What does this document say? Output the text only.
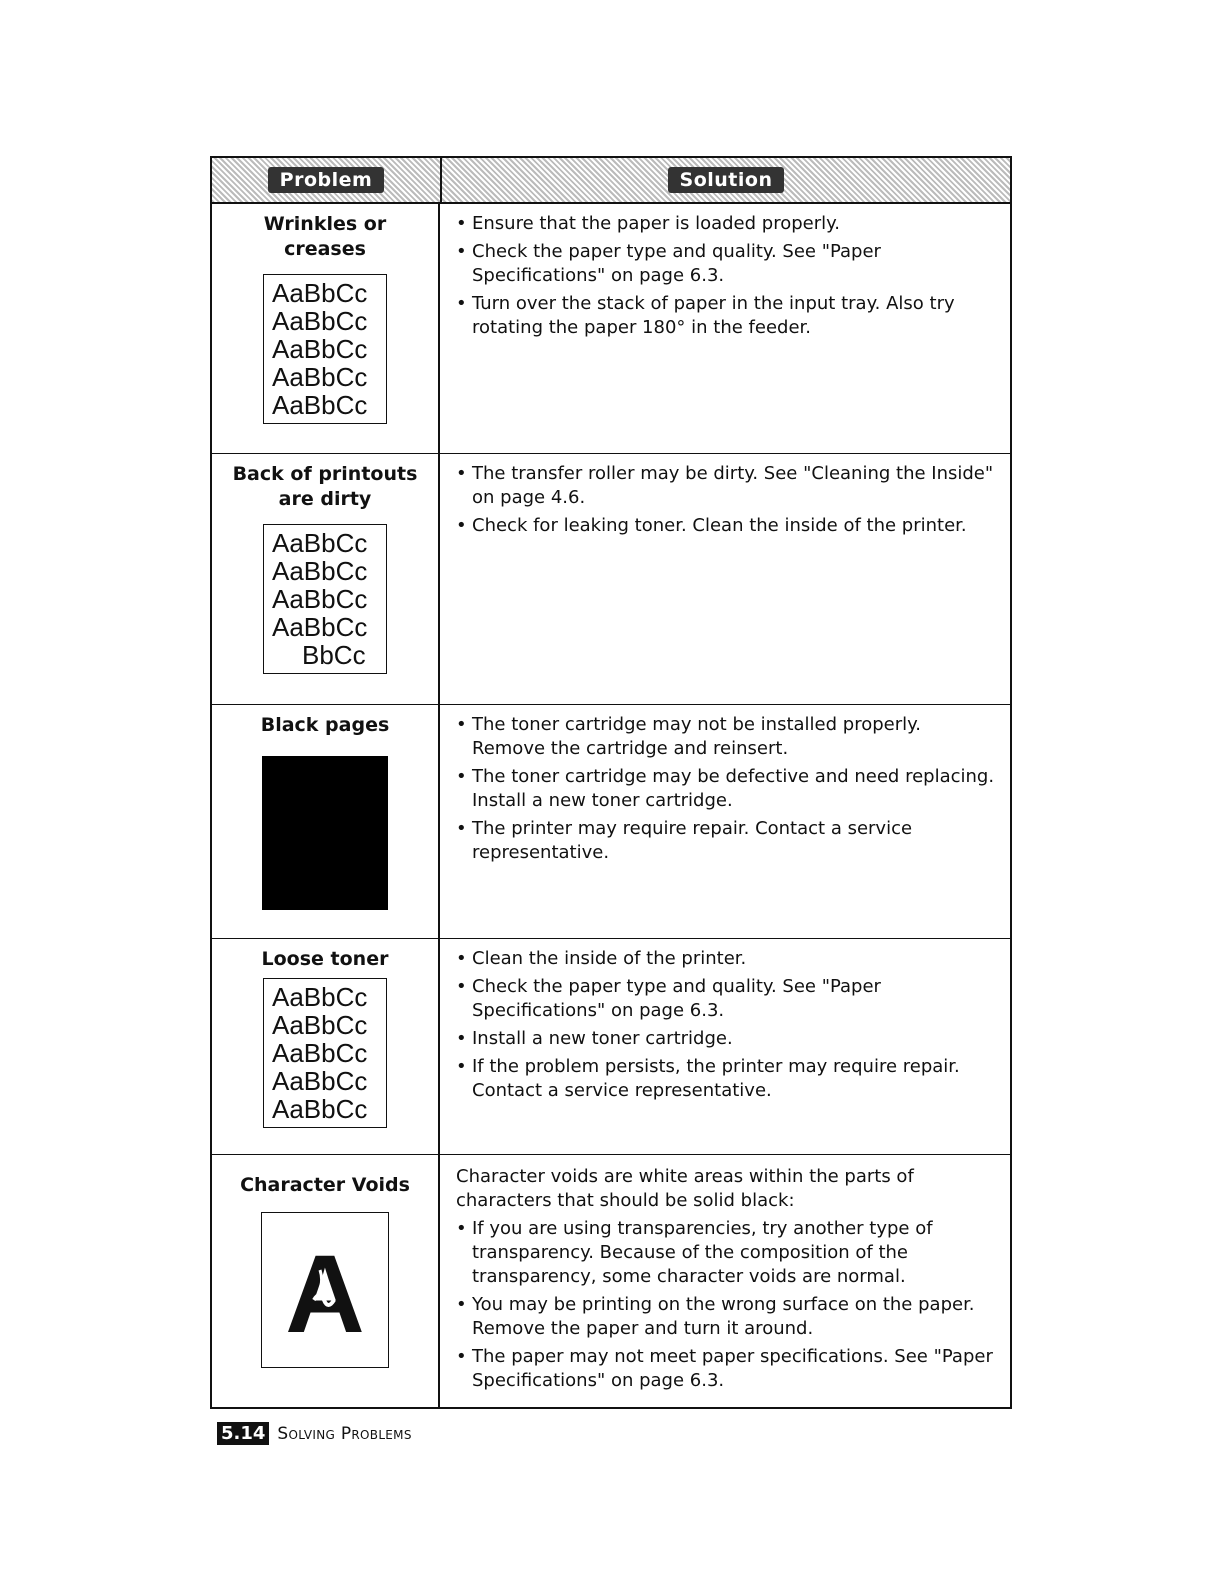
Problem	Solution
Wrinkles or creases
AaBbCc
AaBbCc
AaBbCc
AaBbCc
AaBbCc
• Ensure that the paper is loaded properly.
• Check the paper type and quality. See "Paper Specifications" on page 6.3.
• Turn over the stack of paper in the input tray. Also try rotating the paper 180° in the feeder.
Back of printouts are dirty
AaBbCc
AaBbCc
AaBbCc
AaBbCc
BbCc
• The transfer roller may be dirty. See "Cleaning the Inside" on page 4.6.
• Check for leaking toner. Clean the inside of the printer.
Black pages
•	The toner cartridge may not be installed properly. Remove the cartridge and reinsert.
• The toner cartridge may be defective and need replacing. Install a new toner cartridge.
• The printer may require repair. Contact a service representative.
Loose toner
AaBbCc
AaBbCc
AaBbCc
AaBbCc
AaBbCc
• Clean the inside of the printer.
• Check the paper type and quality. See "Paper Specifications" on page 6.3.
• Install a new toner cartridge.
• If the problem persists, the printer may require repair. Contact a service representative.
Character Voids
A
Character voids are white areas within the parts of characters that should be solid black:
• If you are using transparencies, try another type of transparency. Because of the composition of the transparency, some character voids are normal.
• You may be printing on the wrong surface on the paper. Remove the paper and turn it around.
• The paper may not meet paper specifications. See "Paper Specifications" on page 6.3.
5.14 Solving Problems
